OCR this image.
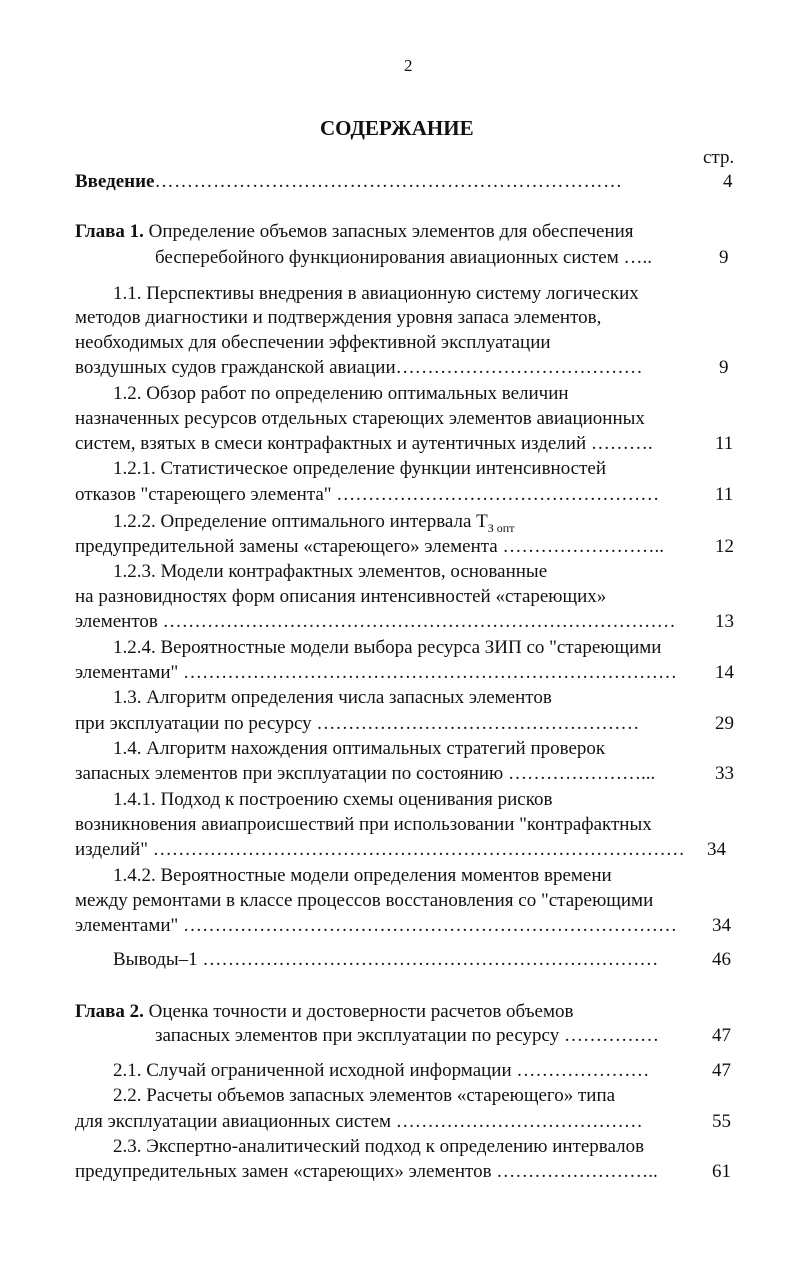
2
СОДЕРЖАНИЕ
стр.
Введение………………………………………………………………	4
Глава 1. Определение объемов запасных элементов для обеспечения
бесперебойного функционирования авиационных систем …..	9
1.1. Перспективы внедрения в авиационную систему логических
методов диагностики и подтверждения уровня запаса элементов,
необходимых для обеспечении эффективной эксплуатации
воздушных судов гражданской авиации…………………………………	9
1.2. Обзор работ по определению оптимальных величин
назначенных ресурсов отдельных стареющих элементов авиационных
систем, взятых в смеси контрафактных и аутентичных изделий ……….	11
1.2.1. Статистическое определение функции интенсивностей
отказов "стареющего элемента" ……………………………………………	11
1.2.2. Определение оптимального интервала $Т_{З опт}$
предупредительной замены «стареющего» элемента ……………………..	12
1.2.3. Модели контрафактных элементов, основанные
на разновидностях форм описания интенсивностей «стареющих»
элементов ……………………………………………………………………… 13
1.2.4. Вероятностные модели выбора ресурса ЗИП со "стареющими
элементами" …………………………………………………………………… 14
1.3. Алгоритм определения числа запасных элементов
при эксплуатации по ресурсу ……………………………………………	29
1.4. Алгоритм нахождения оптимальных стратегий проверок
запасных элементов при эксплуатации по состоянию …………………...	33
1.4.1. Подход к построению схемы оценивания рисков
возникновения авиапроисшествий при использовании "контрафактных
изделий" ………………………………………………………………………… 34
1.4.2. Вероятностные модели определения моментов времени
между ремонтами в классе процессов восстановления со "стареющими
элементами" …………………………………………………………………… 34
Выводы–1 ………………………………………………………………	46
Глава 2. Оценка точности и достоверности расчетов объемов
запасных элементов при эксплуатации по ресурсу ……………	47
2.1. Случай ограниченной исходной информации …………………	47
2.2. Расчеты объемов запасных элементов «стареющего» типа
для эксплуатации авиационных систем …………………………………	55
2.3. Экспертно-аналитический подход к определению интервалов
предупредительных замен «стареющих» элементов ……………………..	61
